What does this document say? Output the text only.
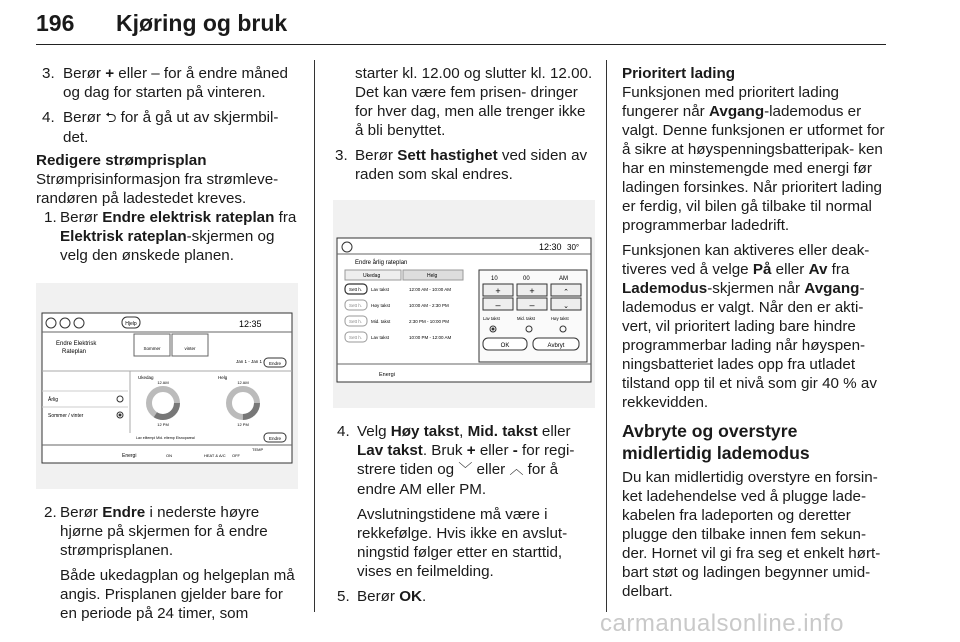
196 Kjøring og bruk
3. Berør + eller – for å endre måned og dag for starten på vinteren.
4. Berør ⮌ for å gå ut av skjermbil- det.

Redigere strømprisplan

Strømprisinformasjon fra strømleve- randøren på ladestedet kreves.

1. Berør Endre elektrisk rateplan fra Elektrisk rateplan-skjermen og velg den ønskede planen.
Hjelp	12:35
Endre Elektrisk
Rateplan
Sommer	vinter
Jan 1 - Jan 1 Endre
Ukedag	Helg
12 AM
12 PM
12 AM
12 PM
Årlig
Sommer / vinter
Lav elltempi Mid. eltemp Elsnopareal	Endre
Energi	ON	HEAT & A/C OFF
TEMP
2. Berør Endre i nederste høyre hjørne på skjermen for å endre strømprisplanen.

Både ukedagplan og helgeplan må angis. Prisplanen gjelder bare for en periode på 24 timer, som

starter kl. 12.00 og slutter kl. 12.00. Det kan være fem prisen- dringer for hver dag, men alle trenger ikke å bli benyttet.

3. Berør Sett hastighet ved siden av raden som skal endres.
12:30 30°
Endre årlig rateplan
Ukedag	Helg
Sett h. Lav takst	12:00 AM - 10:00 AM
Sett h. Høy takst	10:00 AM - 2:30 PM
Sett h. Mid. takst	2:30 PM - 10:00 PM
Sett h. Lav takst	10:00 PM - 12:00 AM
10	00	AM
+	+	⌃
–	–	⌄
Lav takst	Mid. takst	Høy takst
OK	Avbryt
Energi
4. Velg Høy takst, Mid. takst eller Lav takst. Bruk + eller - for regi- strere tiden og ﹀ eller ︿ for å endre AM eller PM.

Avslutningstidene må være i rekkefølge. Hvis ikke en avslut- ningstid følger etter en starttid, vises en feilmelding.

5. Berør OK.

Prioritert lading

Funksjonen med prioritert lading fungerer når Avgang-lademodus er valgt. Denne funksjonen er utformet for å sikre at høyspenningsbatteripak- ken har en minstemengde med energi før ladingen forsinkes. Når prioritert lading er ferdig, vil bilen gå tilbake til normal programmerbar ladedrift.

Funksjonen kan aktiveres eller deak- tiveres ved å velge På eller Av fra Lademodus-skjermen når Avgang- lademodus er valgt. Når den er akti- vert, vil prioritert lading bare hindre programmerbar lading når høyspen- ningsbatteriet lades opp fra utladet tilstand opp til et nivå som gir 40 % av rekkevidden.

Avbryte og overstyre midlertidig lademodus

Du kan midlertidig overstyre en forsin- ket ladehendelse ved å plugge lade- kabelen fra ladeporten og deretter plugge den tilbake innen fem sekun- der. Hornet vil gi fra seg et enkelt hørt- bart støt og ladingen begynner umid- delbart.

carmanualsonline.info
